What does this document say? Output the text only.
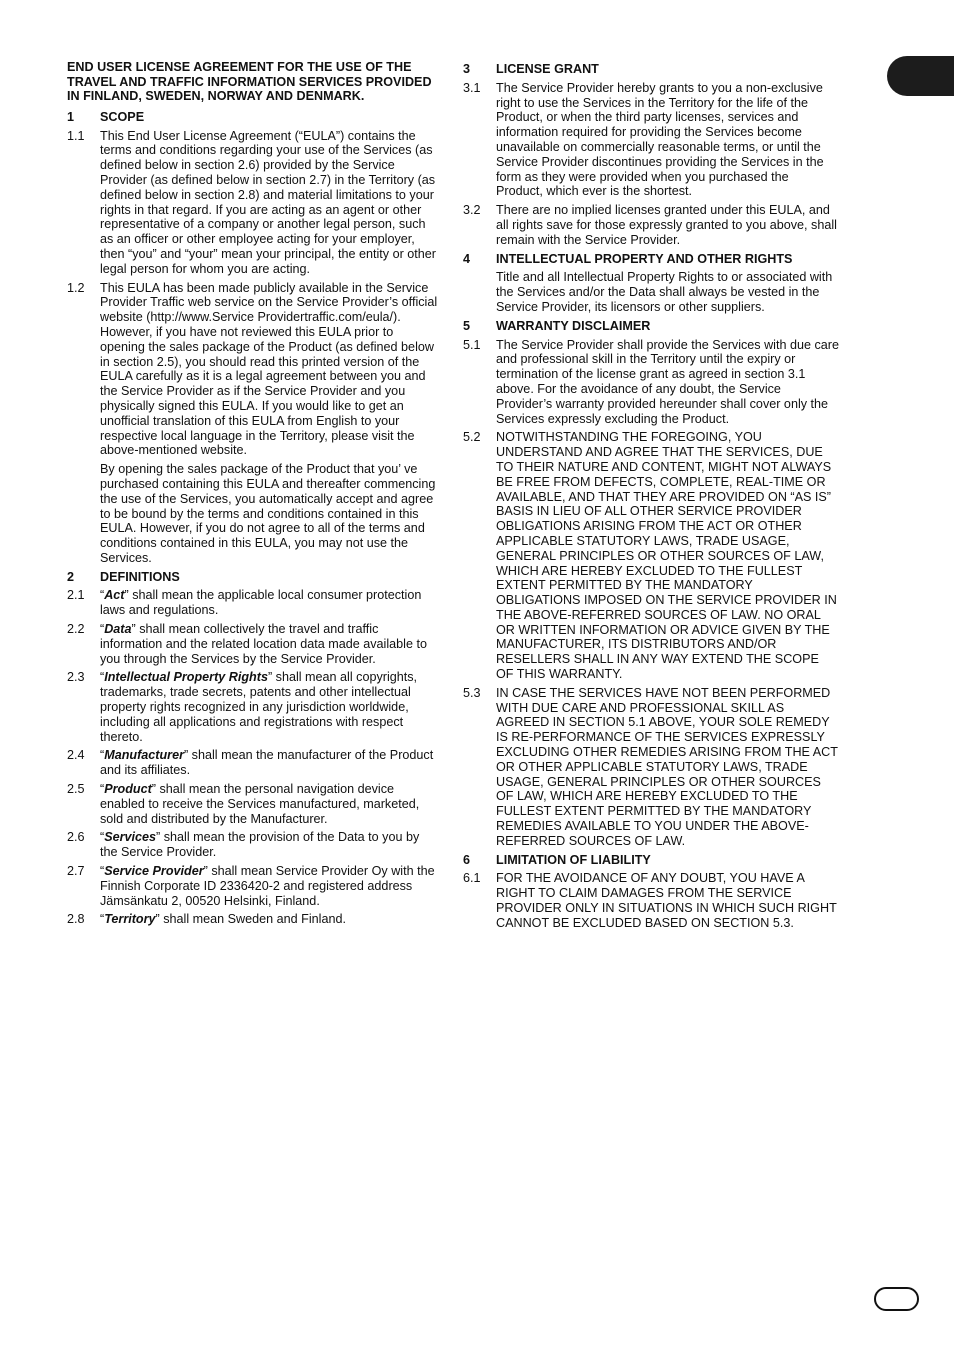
END USER LICENSE AGREEMENT FOR THE USE OF THE TRAVEL AND TRAFFIC INFORMATION SERVICES PROVIDED IN FINLAND, SWEDEN, NORWAY AND DENMARK.
1	SCOPE
1.1	This End User License Agreement (“EULA”) contains the terms and conditions regarding your use of the Services (as defined below in section 2.6) provided by the Service Provider (as defined below in section 2.7) in the Territory (as defined below in section 2.8) and material limitations to your rights in that regard. If you are acting as an agent or other representative of a company or another legal person, such as an officer or other employee acting for your employer, then “you” and “your” mean your principal, the entity or other legal person for whom you are acting.
1.2	This EULA has been made publicly available in the Service Provider Traffic web service on the Service Provider’s official website (http://www.Service Providertraffic.com/eula/). However, if you have not reviewed this EULA prior to opening the sales package of the Product (as defined below in section 2.5), you should read this printed version of the EULA carefully as it is a legal agreement between you and the Service Provider as if the Service Provider and you physically signed this EULA. If you would like to get an unofficial translation of this EULA from English to your respective local language in the Territory, please visit the above-mentioned website.
By opening the sales package of the Product that you’ ve purchased containing this EULA and thereafter commencing the use of the Services, you automatically accept and agree to be bound by the terms and conditions contained in this EULA. However, if you do not agree to all of the terms and conditions contained in this EULA, you may not use the Services.
2	DEFINITIONS
2.1	“Act” shall mean the applicable local consumer protection laws and regulations.
2.2	“Data” shall mean collectively the travel and traffic information and the related location data made available to you through the Services by the Service Provider.
2.3	“Intellectual Property Rights” shall mean all copyrights, trademarks, trade secrets, patents and other intellectual property rights recognized in any jurisdiction worldwide, including all applications and registrations with respect thereto.
2.4	“Manufacturer” shall mean the manufacturer of the Product and its affiliates.
2.5	“Product” shall mean the personal navigation device enabled to receive the Services manufactured, marketed, sold and distributed by the Manufacturer.
2.6	“Services” shall mean the provision of the Data to you by the Service Provider.
2.7	“Service Provider” shall mean Service Provider Oy with the Finnish Corporate ID 2336420-2 and registered address Jämsänkatu 2, 00520 Helsinki, Finland.
2.8	“Territory” shall mean Sweden and Finland.
3	LICENSE GRANT
3.1	The Service Provider hereby grants to you a non-exclusive right to use the Services in the Territory for the life of the Product, or when the third party licenses, services and information required for providing the Services become unavailable on commercially reasonable terms, or until the Service Provider discontinues providing the Services in the form as they were provided when you purchased the Product, which ever is the shortest.
3.2	There are no implied licenses granted under this EULA, and all rights save for those expressly granted to you above, shall remain with the Service Provider.
4	INTELLECTUAL PROPERTY AND OTHER RIGHTS
Title and all Intellectual Property Rights to or associated with the Services and/or the Data shall always be vested in the Service Provider, its licensors or other suppliers.
5	WARRANTY DISCLAIMER
5.1	The Service Provider shall provide the Services with due care and professional skill in the Territory until the expiry or termination of the license grant as agreed in section 3.1 above. For the avoidance of any doubt, the Service Provider’s warranty provided hereunder shall cover only the Services expressly excluding the Product.
5.2	NOTWITHSTANDING THE FOREGOING, YOU UNDERSTAND AND AGREE THAT THE SERVICES, DUE TO THEIR NATURE AND CONTENT, MIGHT NOT ALWAYS BE FREE FROM DEFECTS, COMPLETE, REAL-TIME OR AVAILABLE, AND THAT THEY ARE PROVIDED ON “AS IS” BASIS IN LIEU OF ALL OTHER SERVICE PROVIDER OBLIGATIONS ARISING FROM THE ACT OR OTHER APPLICABLE STATUTORY LAWS, TRADE USAGE, GENERAL PRINCIPLES OR OTHER SOURCES OF LAW, WHICH ARE HEREBY EXCLUDED TO THE FULLEST EXTENT PERMITTED BY THE MANDATORY OBLIGATIONS IMPOSED ON THE SERVICE PROVIDER IN THE ABOVE-REFERRED SOURCES OF LAW. NO ORAL OR WRITTEN INFORMATION OR ADVICE GIVEN BY THE MANUFACTURER, ITS DISTRIBUTORS AND/OR RESELLERS SHALL IN ANY WAY EXTEND THE SCOPE OF THIS WARRANTY.
5.3	IN CASE THE SERVICES HAVE NOT BEEN PERFORMED WITH DUE CARE AND PROFESSIONAL SKILL AS AGREED IN SECTION 5.1 ABOVE, YOUR SOLE REMEDY IS RE-PERFORMANCE OF THE SERVICES EXPRESSLY EXCLUDING OTHER REMEDIES ARISING FROM THE ACT OR OTHER APPLICABLE STATUTORY LAWS, TRADE USAGE, GENERAL PRINCIPLES OR OTHER SOURCES OF LAW, WHICH ARE HEREBY EXCLUDED TO THE FULLEST EXTENT PERMITTED BY THE MANDATORY REMEDIES AVAILABLE TO YOU UNDER THE ABOVE-REFERRED SOURCES OF LAW.
6	LIMITATION OF LIABILITY
6.1	FOR THE AVOIDANCE OF ANY DOUBT, YOU HAVE A RIGHT TO CLAIM DAMAGES FROM THE SERVICE PROVIDER ONLY IN SITUATIONS IN WHICH SUCH RIGHT CANNOT BE EXCLUDED BASED ON SECTION 5.3.
